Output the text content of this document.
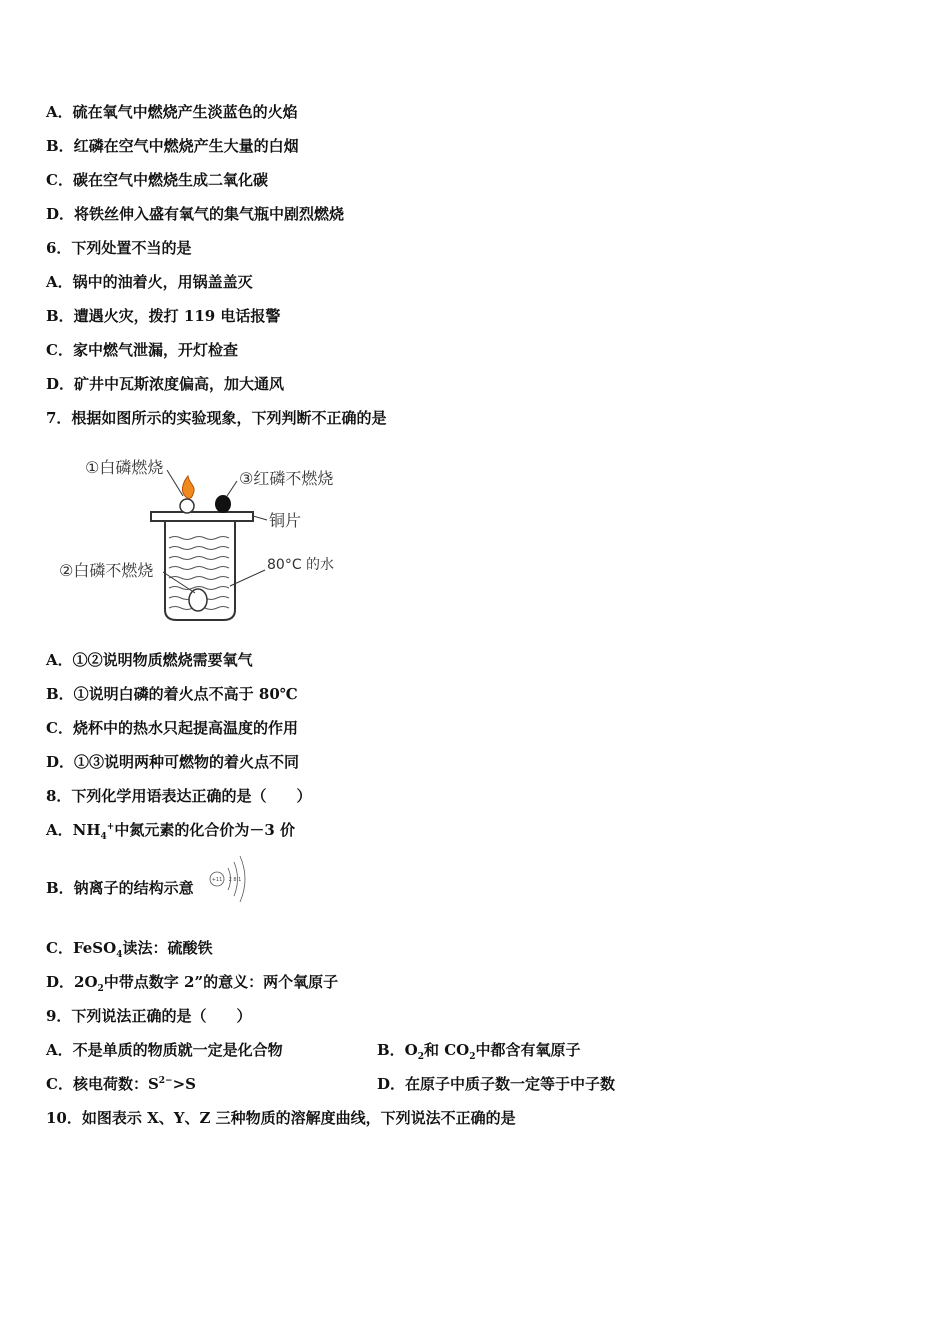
A．硫在氧气中燃烧产生淡蓝色的火焰
B．红磷在空气中燃烧产生大量的白烟
C．碳在空气中燃烧生成二氧化碳
D．将铁丝伸入盛有氧气的集气瓶中剧烈燃烧
6．下列处置不当的是
A．锅中的油着火，用锅盖盖灭
B．遭遇火灾，拨打 119 电话报警
C．家中燃气泄漏，开灯检查
D．矿井中瓦斯浓度偏高，加大通风
7．根据如图所示的实验现象，下列判断不正确的是
①白磷燃烧
③红磷不燃烧
铜片
②白磷不燃烧	80°C 的水
A．①②说明物质燃烧需要氧气
B．①说明白磷的着火点不高于 80℃
C．烧杯中的热水只起提高温度的作用
D．①③说明两种可燃物的着火点不同
8．下列化学用语表达正确的是（　　）
A．$NH_4^+$中氮元素的化合价为－3 价
B．钠离子的结构示意	+11 2 8 1
C．FeSO$_4$读法：硫酸铁
D．$2O_2$中带点数字 2”的意义：两个氧原子
9．下列说法正确的是（　　）
A．不是单质的物质就一定是化合物	B．$O_2$和 $CO_2$中都含有氧原子
C．核电荷数：$S^{2-}>S$	D．在原子中质子数一定等于中子数
10．如图表示 X、Y、Z 三种物质的溶解度曲线，下列说法不正确的是
